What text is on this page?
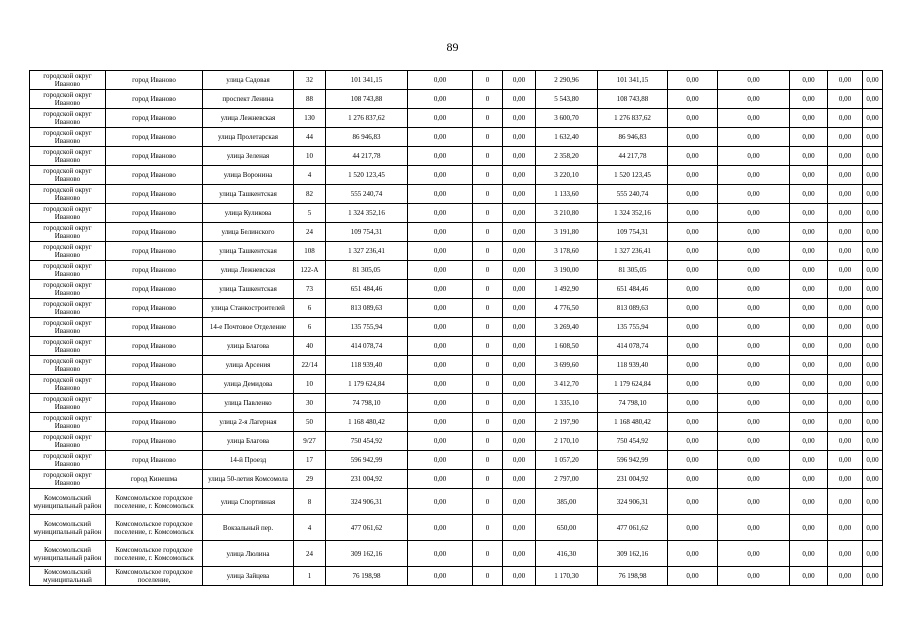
89
городской округ Иваново	город Иваново	улица Садовая	32	101 341,15	0,00	0	0,00	2 290,96	101 341,15	0,00	0,00	0,00	0,00	0,00
городской округ Иваново	город Иваново	проспект Ленина	88	108 743,88	0,00	0	0,00	5 543,80	108 743,88	0,00	0,00	0,00	0,00	0,00
городской округ Иваново	город Иваново	улица Лежневская	130	1 276 837,62	0,00	0	0,00	3 600,70	1 276 837,62	0,00	0,00	0,00	0,00	0,00
городской округ Иваново	город Иваново	улица Пролетарская	44	86 946,83	0,00	0	0,00	1 632,40	86 946,83	0,00	0,00	0,00	0,00	0,00
городской округ Иваново	город Иваново	улица Зеленая	10	44 217,78	0,00	0	0,00	2 358,20	44 217,78	0,00	0,00	0,00	0,00	0,00
городской округ Иваново	город Иваново	улица Воронина	4	1 520 123,45	0,00	0	0,00	3 220,10	1 520 123,45	0,00	0,00	0,00	0,00	0,00
городской округ Иваново	город Иваново	улица Ташкентская	82	555 240,74	0,00	0	0,00	1 133,60	555 240,74	0,00	0,00	0,00	0,00	0,00
городской округ Иваново	город Иваново	улица Куликова	5	1 324 352,16	0,00	0	0,00	3 210,80	1 324 352,16	0,00	0,00	0,00	0,00	0,00
городской округ Иваново	город Иваново	улица Белинского	24	109 754,31	0,00	0	0,00	3 191,80	109 754,31	0,00	0,00	0,00	0,00	0,00
городской округ Иваново	город Иваново	улица Ташкентская	108	1 327 236,41	0,00	0	0,00	3 178,60	1 327 236,41	0,00	0,00	0,00	0,00	0,00
городской округ Иваново	город Иваново	улица Лежневская	122-А	81 305,05	0,00	0	0,00	3 190,00	81 305,05	0,00	0,00	0,00	0,00	0,00
городской округ Иваново	город Иваново	улица Ташкентская	73	651 484,46	0,00	0	0,00	1 492,90	651 484,46	0,00	0,00	0,00	0,00	0,00
городской округ Иваново	город Иваново	улица Станкостроителей	6	813 089,63	0,00	0	0,00	4 776,50	813 089,63	0,00	0,00	0,00	0,00	0,00
городской округ Иваново	город Иваново	14-е Почтовое Отделение	6	135 755,94	0,00	0	0,00	3 269,40	135 755,94	0,00	0,00	0,00	0,00	0,00
городской округ Иваново	город Иваново	улица Благова	40	414 078,74	0,00	0	0,00	1 608,50	414 078,74	0,00	0,00	0,00	0,00	0,00
городской округ Иваново	город Иваново	улица Арсения	22/14	118 939,40	0,00	0	0,00	3 699,60	118 939,40	0,00	0,00	0,00	0,00	0,00
городской округ Иваново	город Иваново	улица Демидова	10	1 179 624,84	0,00	0	0,00	3 412,70	1 179 624,84	0,00	0,00	0,00	0,00	0,00
городской округ Иваново	город Иваново	улица Павленко	30	74 798,10	0,00	0	0,00	1 335,10	74 798,10	0,00	0,00	0,00	0,00	0,00
городской округ Иваново	город Иваново	улица 2-я Лагерная	50	1 168 480,42	0,00	0	0,00	2 197,90	1 168 480,42	0,00	0,00	0,00	0,00	0,00
городской округ Иваново	город Иваново	улица Благова	9/27	750 454,92	0,00	0	0,00	2 170,10	750 454,92	0,00	0,00	0,00	0,00	0,00
городской округ Иваново	город Иваново	14-й Проезд	17	596 942,99	0,00	0	0,00	1 057,20	596 942,99	0,00	0,00	0,00	0,00	0,00
городской округ Иваново	город Кинешма	улица 50-летия Комсомола	29	231 004,92	0,00	0	0,00	2 797,00	231 004,92	0,00	0,00	0,00	0,00	0,00
Комсомольский муниципальный район	Комсомольское городское поселение, г. Комсомольск	улица Спортивная	8	324 906,31	0,00	0	0,00	385,00	324 906,31	0,00	0,00	0,00	0,00	0,00
Комсомольский муниципальный район	Комсомольское городское поселение, г. Комсомольск	Вокзальный пер.	4	477 061,62	0,00	0	0,00	650,00	477 061,62	0,00	0,00	0,00	0,00	0,00
Комсомольский муниципальный район	Комсомольское городское поселение, г. Комсомольск	улица Люлина	24	309 162,16	0,00	0	0,00	416,30	309 162,16	0,00	0,00	0,00	0,00	0,00
Комсомольский муниципальный	Комсомольское городское поселение,	улица Зайцева	1	76 198,98	0,00	0	0,00	1 170,30	76 198,98	0,00	0,00	0,00	0,00	0,00
